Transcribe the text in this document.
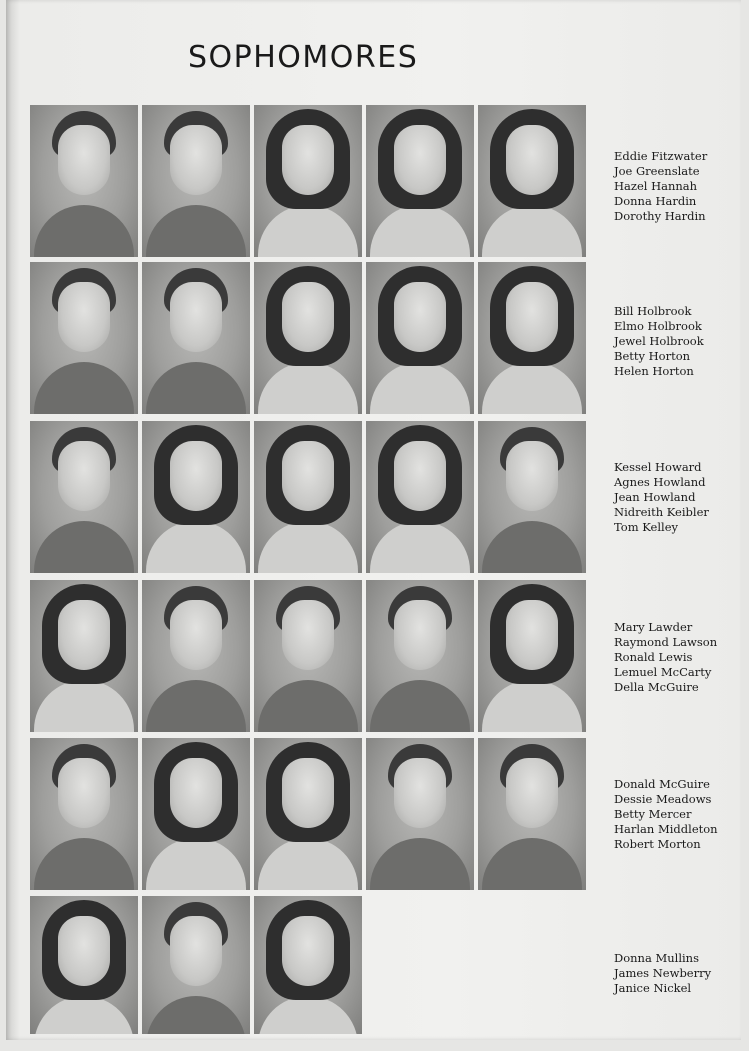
SOPHOMORES
Eddie Fitzwater
Joe Greenslate
Hazel Hannah
Donna Hardin
Dorothy Hardin
Bill Holbrook
Elmo Holbrook
Jewel Holbrook
Betty Horton
Helen Horton
Kessel Howard
Agnes Howland
Jean Howland
Nidreith Keibler
Tom Kelley
Mary Lawder
Raymond Lawson
Ronald Lewis
Lemuel McCarty
Della McGuire
Donald McGuire
Dessie Meadows
Betty Mercer
Harlan Middleton
Robert Morton
Donna Mullins
James Newberry
Janice Nickel
